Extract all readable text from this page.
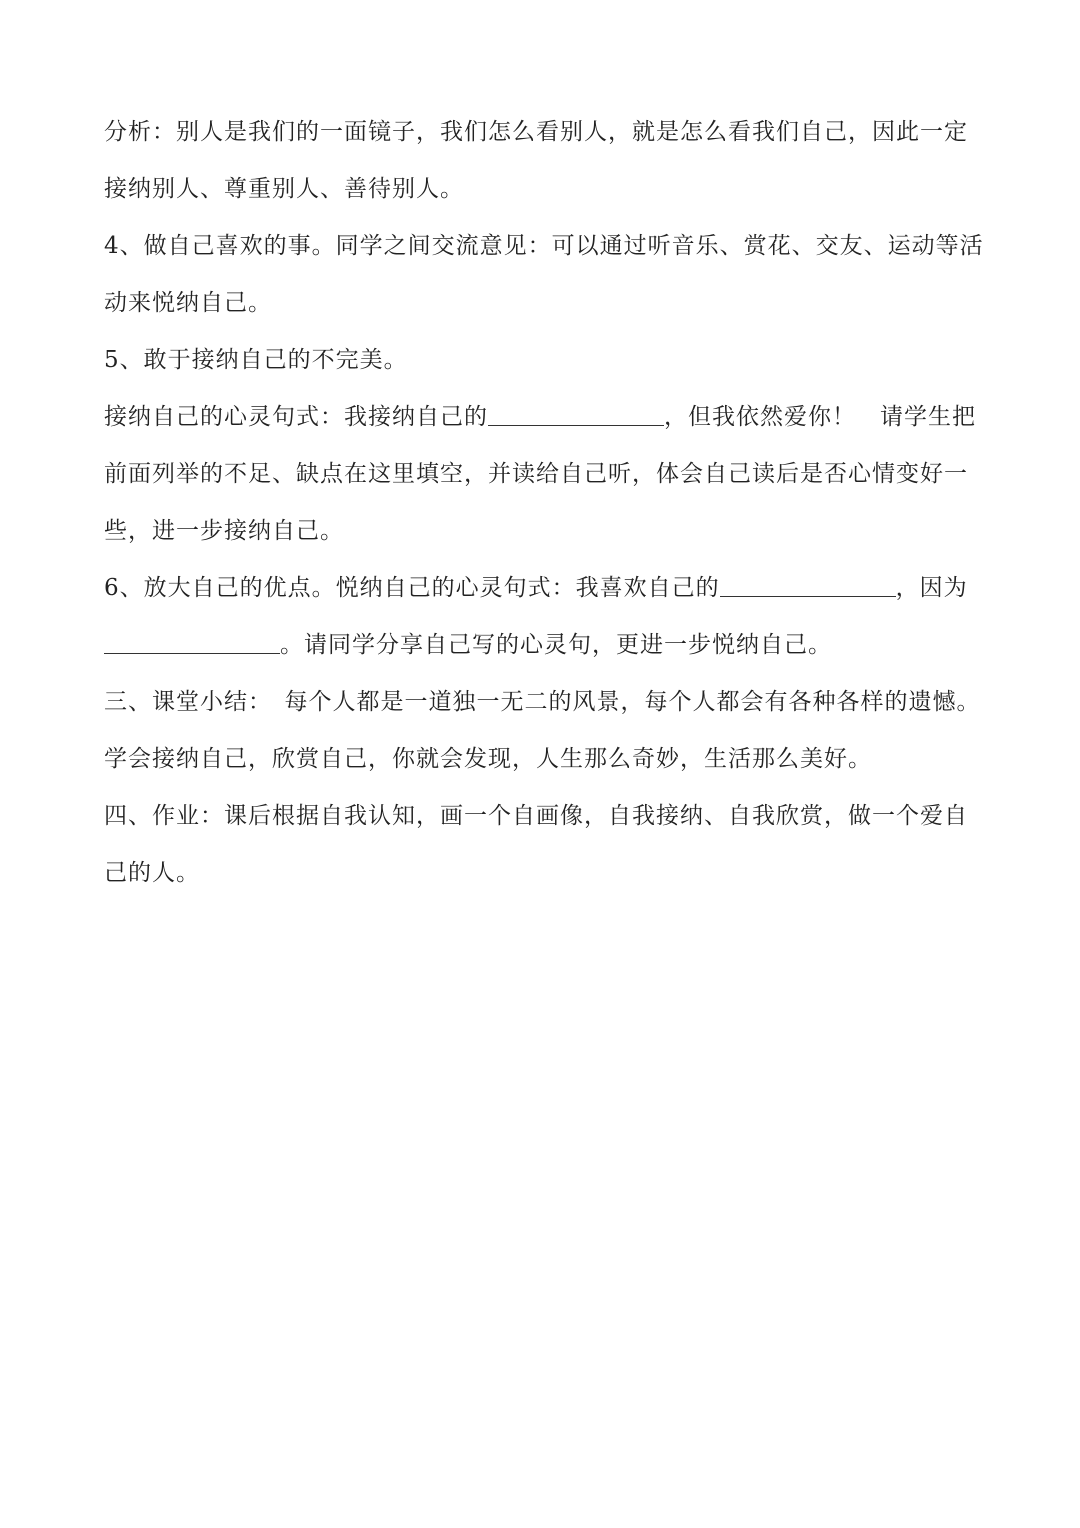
分析：别人是我们的一面镜子，我们怎么看别人，就是怎么看我们自己，因此一定接纳别人、尊重别人、善待别人。

4、做自己喜欢的事。同学之间交流意见：可以通过听音乐、赏花、交友、运动等活动来悦纳自己。

5、敢于接纳自己的不完美。

接纳自己的心灵句式：我接纳自己的	，但我依然爱你！　请学生把前面列举的不足、缺点在这里填空，并读给自己听，体会自己读后是否心情变好一些，进一步接纳自己。

6、放大自己的优点。悦纳自己的心灵句式：我喜欢自己的	，因为。请同学分享自己写的心灵句，更进一步悦纳自己。

三、课堂小结：　每个人都是一道独一无二的风景，每个人都会有各种各样的遗憾。学会接纳自己，欣赏自己，你就会发现，人生那么奇妙，生活那么美好。

四、作业：课后根据自我认知，画一个自画像，自我接纳、自我欣赏，做一个爱自己的人。
